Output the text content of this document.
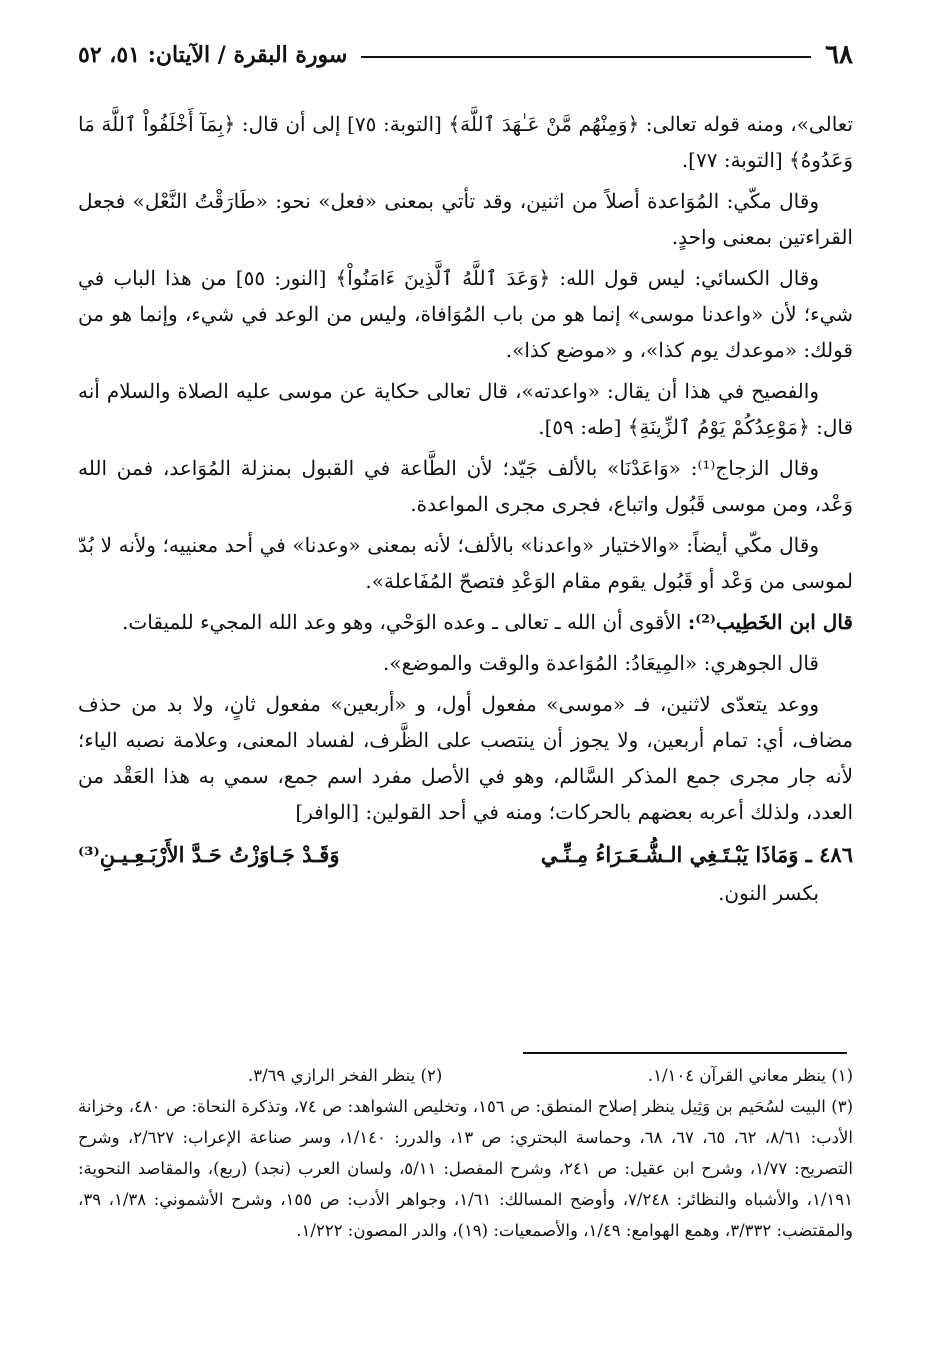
٦٨
سورة البقرة / الآيتان: ٥١، ٥٢

تعالى»، ومنه قوله تعالى: ﴿وَمِنْهُم مَّنْ عَـٰهَدَ ٱللَّهَ﴾ [التوبة: ٧٥] إلى أن قال: ﴿بِمَآ أَخْلَفُواْ ٱللَّهَ مَا وَعَدُوهُ﴾ [التوبة: ٧٧].

وقال مكّي: المُوَاعدة أصلاً من اثنين، وقد تأتي بمعنى «فعل» نحو: «طَارَقْتُ النَّعْل» فجعل القراءتين بمعنى واحدٍ.

وقال الكسائي: ليس قول الله: ﴿وَعَدَ ٱللَّهُ ٱلَّذِينَ ءَامَنُواْ﴾ [النور: ٥٥] من هذا الباب في شيء؛ لأن «واعدنا موسى» إنما هو من باب المُوَافاة، وليس من الوعد في شيء، وإنما هو من قولك: «موعدك يوم كذا»، و «موضع كذا».

والفصيح في هذا أن يقال: «واعدته»، قال تعالى حكاية عن موسى عليه الصلاة والسلام أنه قال: ﴿مَوْعِدُكُمْ يَوْمُ ٱلزِّينَةِ﴾ [طه: ٥٩].

وقال الزجاج⁽¹⁾: «وَاعَدْنَا» بالألف جَيّد؛ لأن الطَّاعة في القبول بمنزلة المُوَاعد، فمن الله وَعْد، ومن موسى قَبُول واتباع، فجرى مجرى المواعدة.

وقال مكّي أيضاً: «والاختيار «واعدنا» بالألف؛ لأنه بمعنى «وعدنا» في أحد معنييه؛ ولأنه لا بُدّ لموسى من وَعْد أو قَبُول يقوم مقام الوَعْدِ فتصحّ المُفَاعلة».

قال ابن الخَطِيب⁽²⁾: الأقوى أن الله ـ تعالى ـ وعده الوَحْي، وهو وعد الله المجيء للميقات.

قال الجوهري: «المِيعَادُ: المُوَاعدة والوقت والموضع».

ووعد يتعدّى لاثنين، فـ «موسى» مفعول أول، و «أربعين» مفعول ثانٍ، ولا بد من حذف مضاف، أي: تمام أربعين، ولا يجوز أن ينتصب على الظَّرف، لفساد المعنى، وعلامة نصبه الياء؛ لأنه جار مجرى جمع المذكر السَّالم، وهو في الأصل مفرد اسم جمع، سمي به هذا العَقْد من العدد، ولذلك أعربه بعضهم بالحركات؛ ومنه في أحد القولين: [الوافر]

٤٨٦ ـ وَمَاذَا يَبْـتَـغِي الـشُّـعَـرَاءُ مِـنِّـي
وَقَـدْ جَـاوَزْتُ حَـدَّ الأَرْبَـعِـيـنِ⁽³⁾

بكسر النون.

(١) ينظر معاني القرآن ١/١٠٤.
(٢) ينظر الفخر الرازي ٣/٦٩.

(٣) البيت لسُحَيم بن وَثِيل ينظر إصلاح المنطق: ص ١٥٦، وتخليص الشواهد: ص ٧٤، وتذكرة النحاة: ص ٤٨٠، وخزانة الأدب: ٨/٦١، ٦٢، ٦٥، ٦٧، ٦٨، وحماسة البحتري: ص ١٣، والدرر: ١/١٤٠، وسر صناعة الإعراب: ٢/٦٢٧، وشرح التصريح: ١/٧٧، وشرح ابن عقيل: ص ٢٤١، وشرح المفصل: ٥/١١، ولسان العرب (نجد) (ربع)، والمقاصد النحوية: ١/١٩١، والأشباه والنظائر: ٧/٢٤٨، وأوضح المسالك: ١/٦١، وجواهر الأدب: ص ١٥٥، وشرح الأشموني: ١/٣٨، ٣٩، والمقتضب: ٣/٣٣٢، وهمع الهوامع: ١/٤٩، والأصمعيات: (١٩)، والدر المصون: ١/٢٢٢.
